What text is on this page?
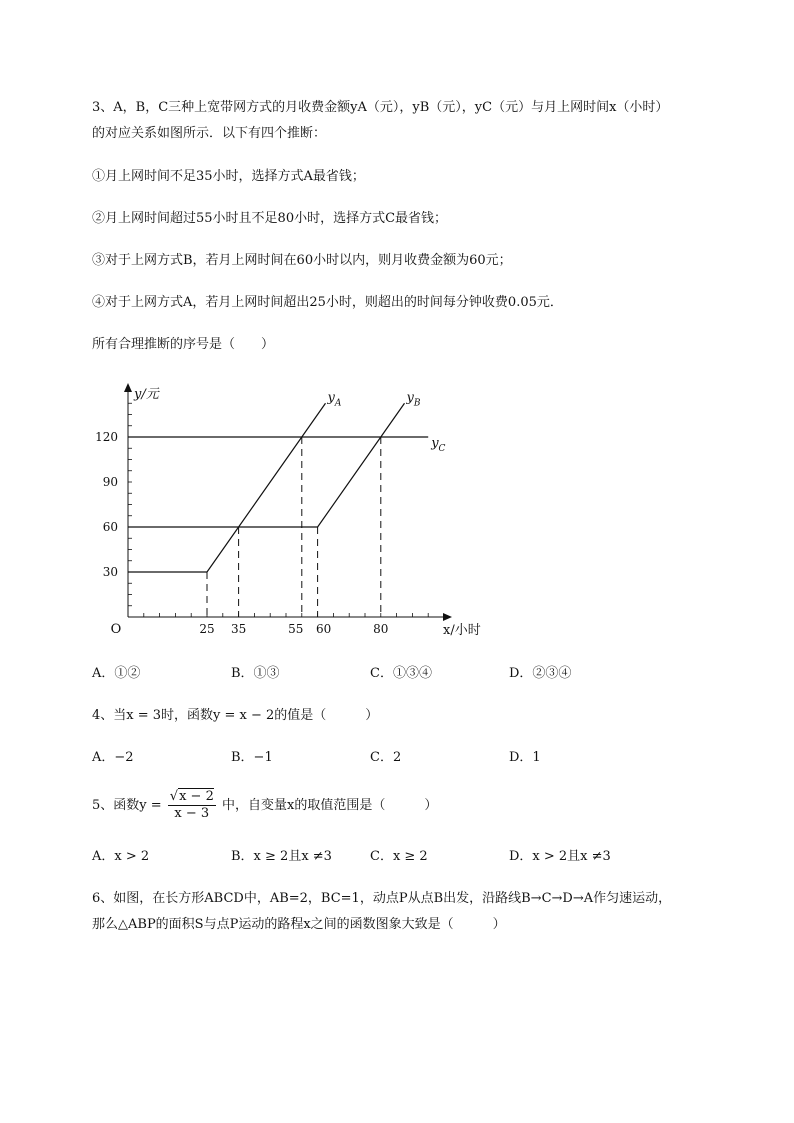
3、A，B，C三种上宽带网方式的月收费金额yA（元），yB（元），yC（元）与月上网时间x（小时）
的对应关系如图所示．以下有四个推断：
①月上网时间不足35小时，选择方式A最省钱；
②月上网时间超过55小时且不足80小时，选择方式C最省钱；
③对于上网方式B，若月上网时间在60小时以内，则月收费金额为60元；
④对于上网方式A，若月上网时间超出25小时，则超出的时间每分钟收费0.05元．
所有合理推断的序号是（　　）
30
60
90
120
25 35	55 60	80
O
y/元
x/小时
$y_A$	$y_B$
$y_C$
A．①②	B．①③	C．①③④	D．②③④
4、当x = 3时，函数y = x − 2的值是（　　　）
A．−2	B．−1	C．2	D．1
5、函数$y = \frac{√x - 2}{x - 3}$ 中，自变量x的取值范围是（　　　）
A．x > 2	B．x ≥ 2且x ≠3	C．x ≥ 2	D．x > 2且x ≠3
6、如图，在长方形ABCD中，AB=2，BC=1，动点P从点B出发，沿路线B→C→D→A作匀速运动，
那么△ABP的面积S与点P运动的路程x之间的函数图象大致是（　　　）
